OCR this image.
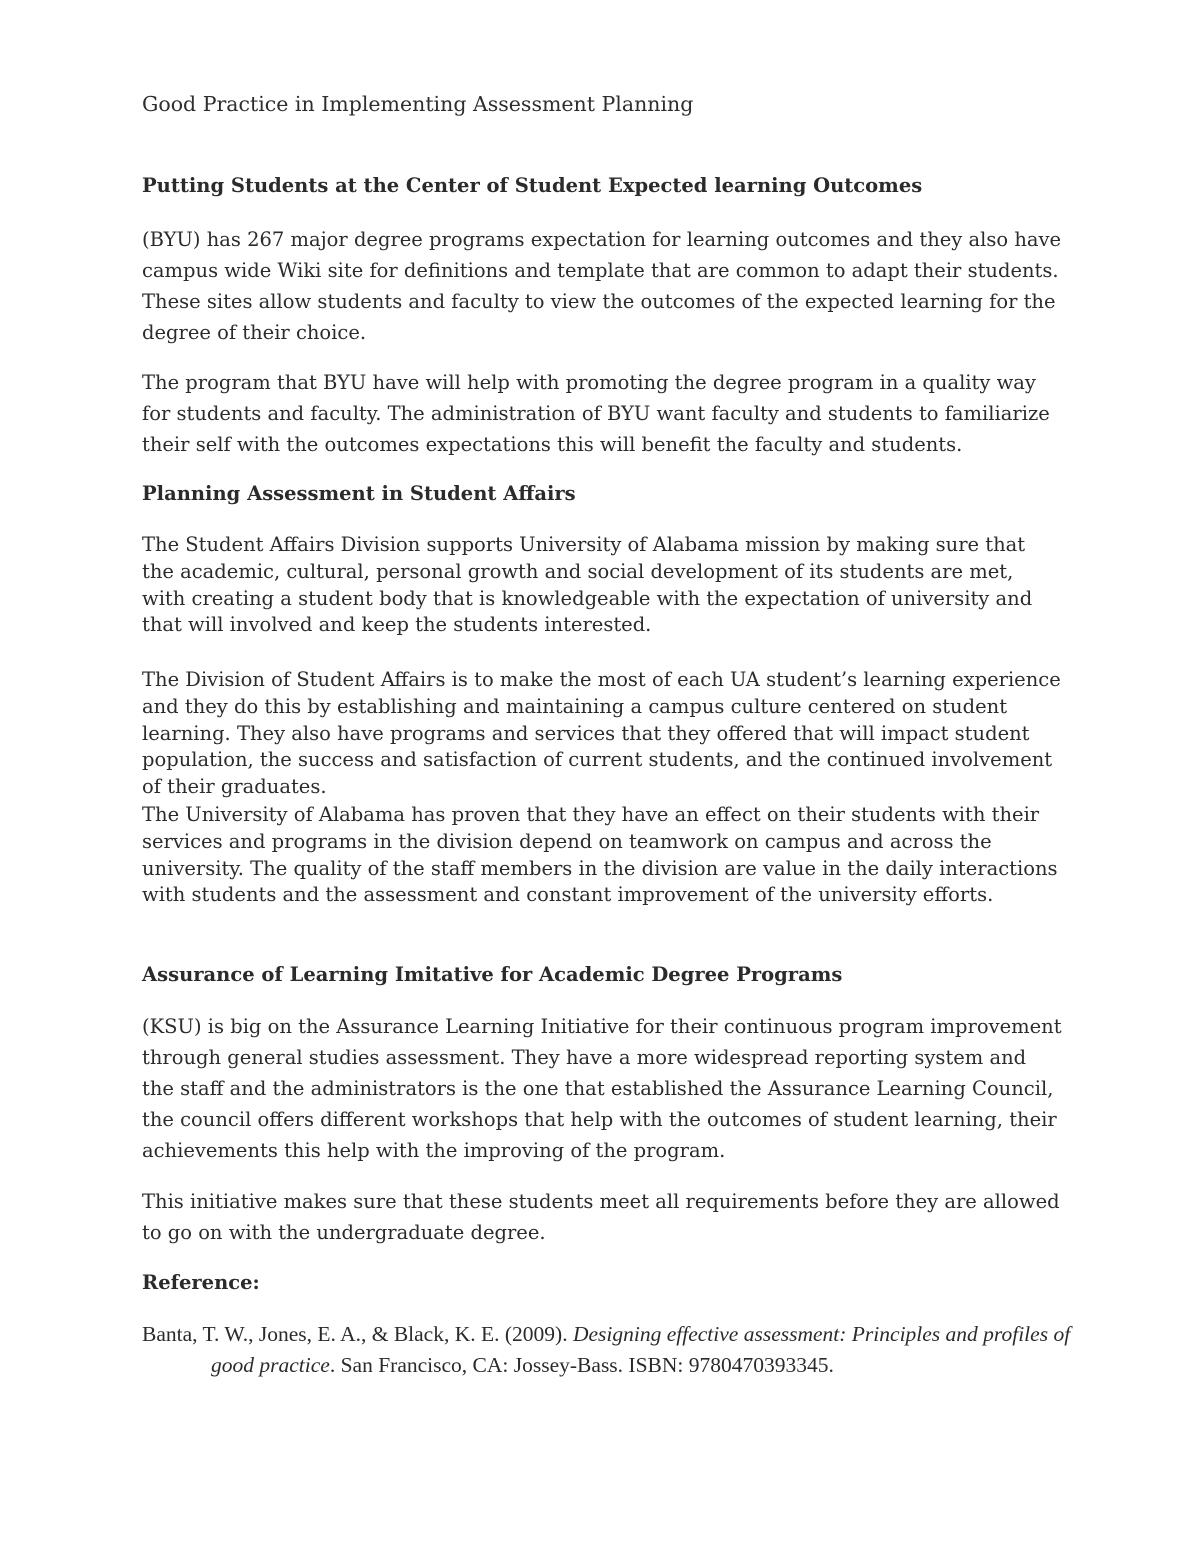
Good Practice in Implementing Assessment Planning
Putting Students at the Center of Student Expected learning Outcomes

(BYU) has 267 major degree programs expectation for learning outcomes and they also have campus wide Wiki site for definitions and template that are common to adapt their students. These sites allow students and faculty to view the outcomes of the expected learning for the degree of their choice.

The program that BYU have will help with promoting the degree program in a quality way for students and faculty. The administration of BYU want faculty and students to familiarize their self with the outcomes expectations this will benefit the faculty and students.

Planning Assessment in Student Affairs

The Student Affairs Division supports University of Alabama mission by making sure that the academic, cultural, personal growth and social development of its students are met, with creating a student body that is knowledgeable with the expectation of university and that will involved and keep the students interested.

The Division of Student Affairs is to make the most of each UA student’s learning experience and they do this by establishing and maintaining a campus culture centered on student learning. They also have programs and services that they offered that will impact student population, the success and satisfaction of current students, and the continued involvement of their graduates.

The University of Alabama has proven that they have an effect on their students with their services and programs in the division depend on teamwork on campus and across the university. The quality of the staff members in the division are value in the daily interactions with students and the assessment and constant improvement of the university efforts.

Assurance of Learning Imitative for Academic Degree Programs

(KSU) is big on the Assurance Learning Initiative for their continuous program improvement through general studies assessment. They have a more widespread reporting system and the staff and the administrators is the one that established the Assurance Learning Council, the council offers different workshops that help with the outcomes of student learning, their achievements this help with the improving of the program.

This initiative makes sure that these students meet all requirements before they are allowed to go on with the undergraduate degree.

Reference:

Banta, T. W., Jones, E. A., & Black, K. E. (2009). Designing effective assessment: Principles and profiles of good practice. San Francisco, CA: Jossey-Bass. ISBN: 9780470393345.
